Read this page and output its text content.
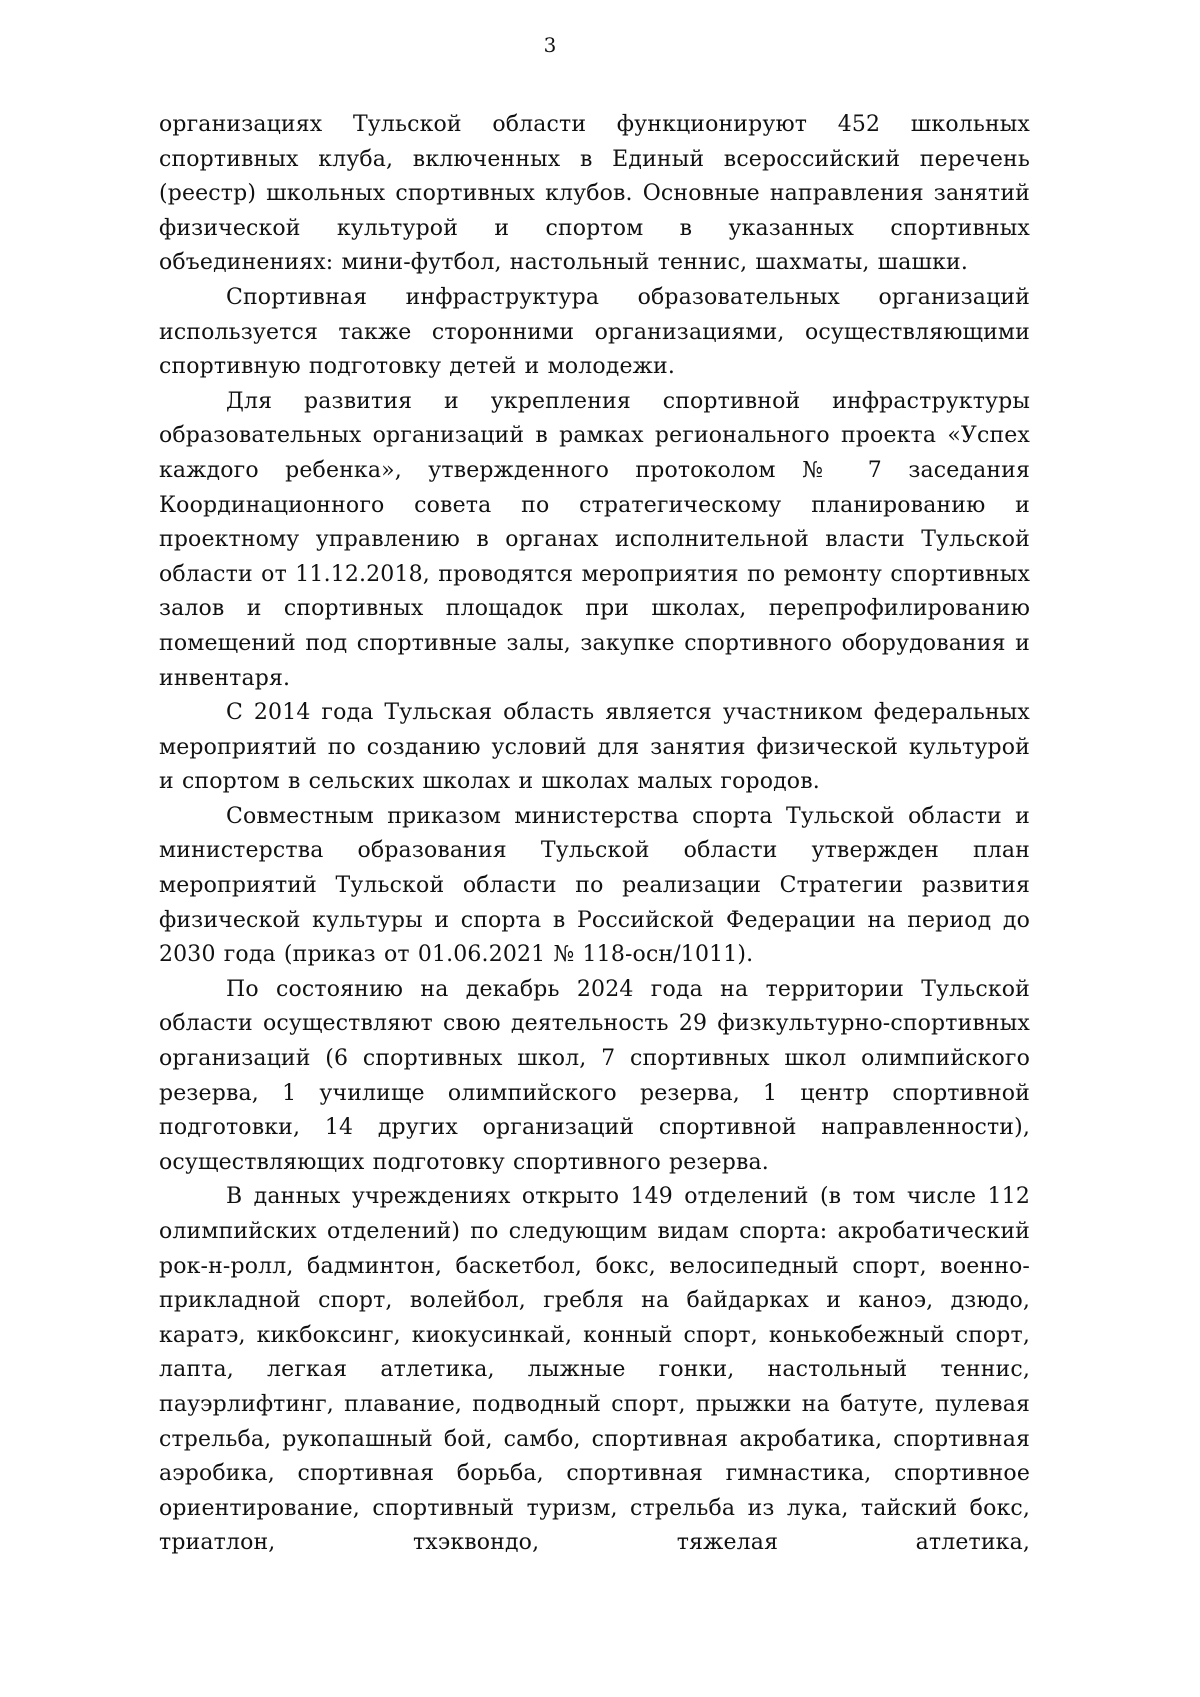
3

организациях Тульской области функционируют 452 школьных спортивных клуба, включенных в Единый всероссийский перечень (реестр) школьных спортивных клубов. Основные направления занятий физической культурой и спортом в указанных спортивных объединениях: мини-футбол, настольный теннис, шахматы, шашки.

Спортивная инфраструктура образовательных организаций используется также сторонними организациями, осуществляющими спортивную подготовку детей и молодежи.

Для развития и укрепления спортивной инфраструктуры образовательных организаций в рамках регионального проекта «Успех каждого ребенка», утвержденного протоколом № 7 заседания Координационного совета по стратегическому планированию и проектному управлению в органах исполнительной власти Тульской области от 11.12.2018, проводятся мероприятия по ремонту спортивных залов и спортивных площадок при школах, перепрофилированию помещений под спортивные залы, закупке спортивного оборудования и инвентаря.

С 2014 года Тульская область является участником федеральных мероприятий по созданию условий для занятия физической культурой и спортом в сельских школах и школах малых городов.

Совместным приказом министерства спорта Тульской области и министерства образования Тульской области утвержден план мероприятий Тульской области по реализации Стратегии развития физической культуры и спорта в Российской Федерации на период до 2030 года (приказ от 01.06.2021 № 118-осн/1011).

По состоянию на декабрь 2024 года на территории Тульской области осуществляют свою деятельность 29 физкультурно-спортивных организаций (6 спортивных школ, 7 спортивных школ олимпийского резерва, 1 училище олимпийского резерва, 1 центр спортивной подготовки, 14 других организаций спортивной направленности), осуществляющих подготовку спортивного резерва.

В данных учреждениях открыто 149 отделений (в том числе 112 олимпийских отделений) по следующим видам спорта: акробатический рок-н-ролл, бадминтон, баскетбол, бокс, велосипедный спорт, военно-прикладной спорт, волейбол, гребля на байдарках и каноэ, дзюдо, каратэ, кикбоксинг, киокусинкай, конный спорт, конькобежный спорт, лапта, легкая атлетика, лыжные гонки, настольный теннис, пауэрлифтинг, плавание, подводный спорт, прыжки на батуте, пулевая стрельба, рукопашный бой, самбо, спортивная акробатика, спортивная аэробика, спортивная борьба, спортивная гимнастика, спортивное ориентирование, спортивный туризм, стрельба из лука, тайский бокс, триатлон, тхэквондо, тяжелая атлетика,
